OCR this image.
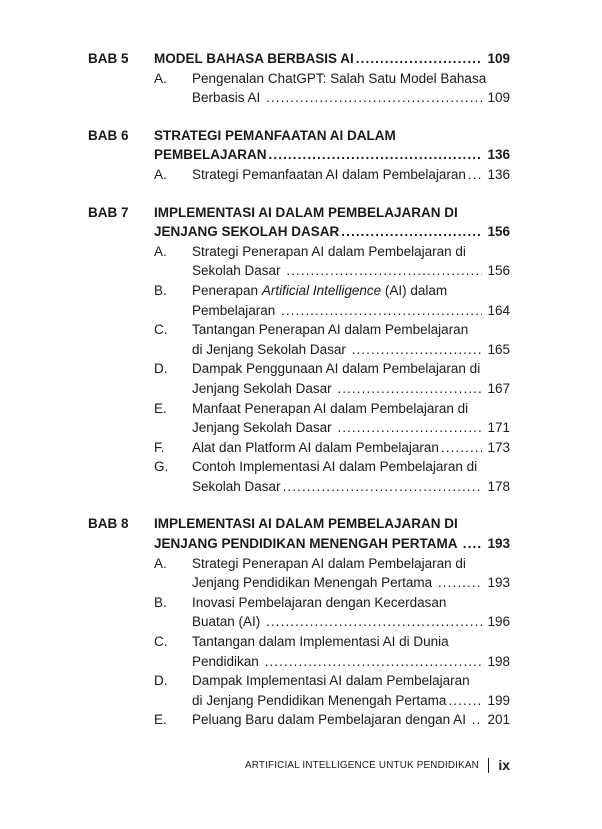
BAB 5	MODEL BAHASA BERBASIS AI .....	109
A.	Pengenalan ChatGPT: Salah Satu Model Bahasa
Berbasis AI .....	109
BAB 6	STRATEGI PEMANFAATAN AI DALAM
PEMBELAJARAN .....	136
A.	Strategi Pemanfaatan AI dalam Pembelajaran ..... 136
BAB 7	IMPLEMENTASI AI DALAM PEMBELAJARAN DI
JENJANG SEKOLAH DASAR .....	156
A.	Strategi Penerapan AI dalam Pembelajaran di
Sekolah Dasar .....	156
B.	Penerapan Artificial Intelligence (AI) dalam
Pembelajaran .....	164
C.	Tantangan Penerapan AI dalam Pembelajaran
di Jenjang Sekolah Dasar .....	165
D.	Dampak Penggunaan AI dalam Pembelajaran di
Jenjang Sekolah Dasar .....	167
E.	Manfaat Penerapan AI dalam Pembelajaran di
Jenjang Sekolah Dasar .....	171
F.	Alat dan Platform AI dalam Pembelajaran .....	173
G.	Contoh Implementasi AI dalam Pembelajaran di
Sekolah Dasar .....	178
BAB 8	IMPLEMENTASI AI DALAM PEMBELAJARAN DI
JENJANG PENDIDIKAN MENENGAH PERTAMA ..... 193
A.	Strategi Penerapan AI dalam Pembelajaran di
Jenjang Pendidikan Menengah Pertama .....	193
B.	Inovasi Pembelajaran dengan Kecerdasan
Buatan (AI) .....	196
C.	Tantangan dalam Implementasi AI di Dunia
Pendidikan .....	198
D.	Dampak Implementasi AI dalam Pembelajaran
di Jenjang Pendidikan Menengah Pertama .....	199
E.	Peluang Baru dalam Pembelajaran dengan AI ..... 201
ARTIFICIAL INTELLIGENCE UNTUK PENDIDIKAN ix
